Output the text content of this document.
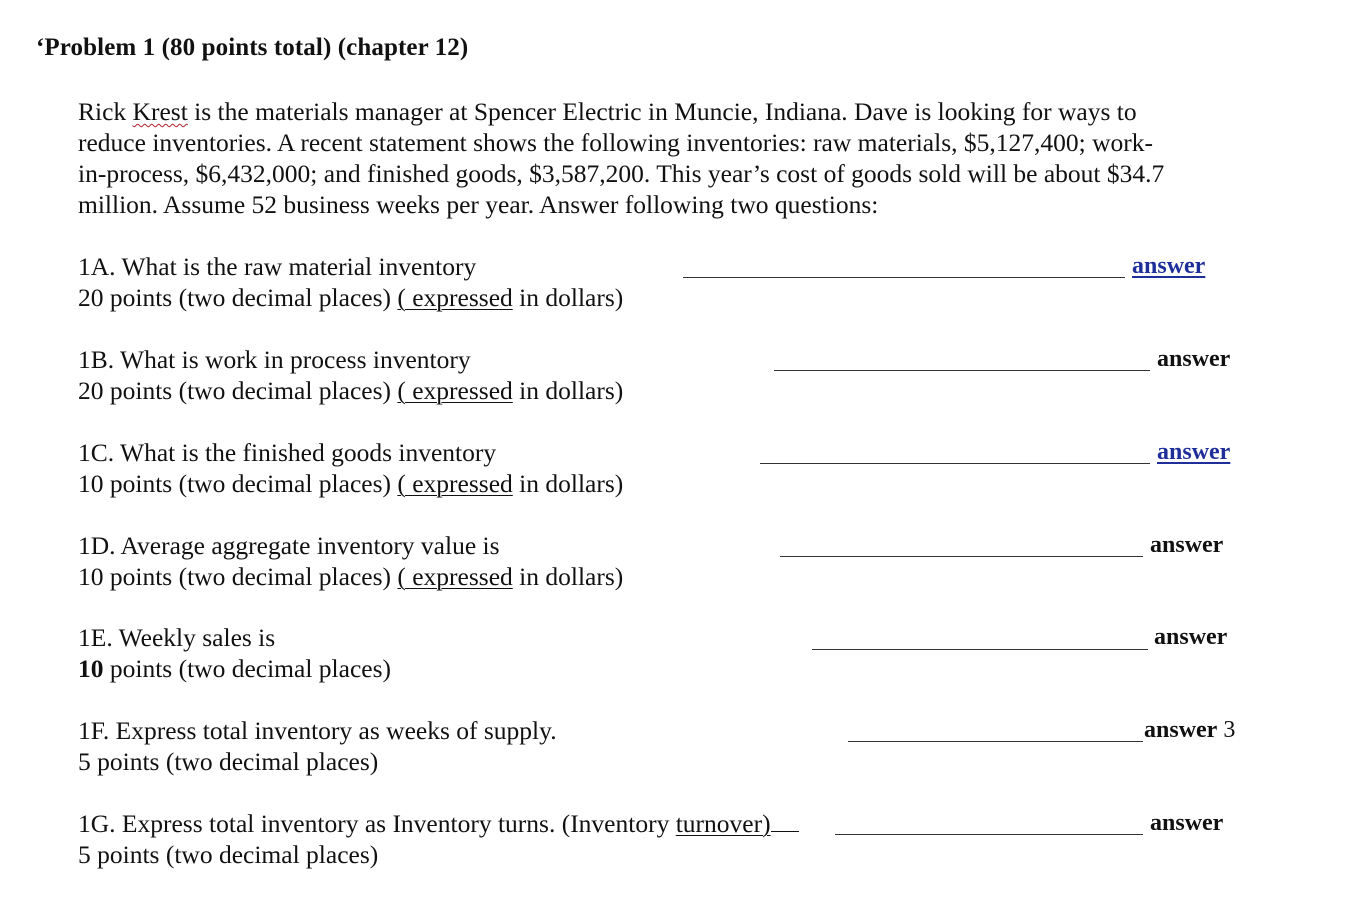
‘Problem 1 (80 points total) (chapter 12)
Rick Krest is the materials manager at Spencer Electric in Muncie, Indiana. Dave is looking for ways to
reduce inventories. A recent statement shows the following inventories: raw materials, $5,127,400; work-
in-process, $6,432,000; and finished goods, $3,587,200. This year’s cost of goods sold will be about $34.7
million. Assume 52 business weeks per year. Answer following two questions:
1A. What is the raw material inventory
20 points (two decimal places) ( expressed in dollars)
answer
1B. What is work in process inventory
20 points (two decimal places) ( expressed in dollars)
answer
1C. What is the finished goods inventory
10 points (two decimal places) ( expressed in dollars)
answer
1D. Average aggregate inventory value is
10 points (two decimal places) ( expressed in dollars)
answer
1E. Weekly sales is
10 points (two decimal places)
answer
1F. Express total inventory as weeks of supply.
5 points (two decimal places)
answer 3
1G. Express total inventory as Inventory turns. (Inventory turnover)
5 points (two decimal places)
answer
